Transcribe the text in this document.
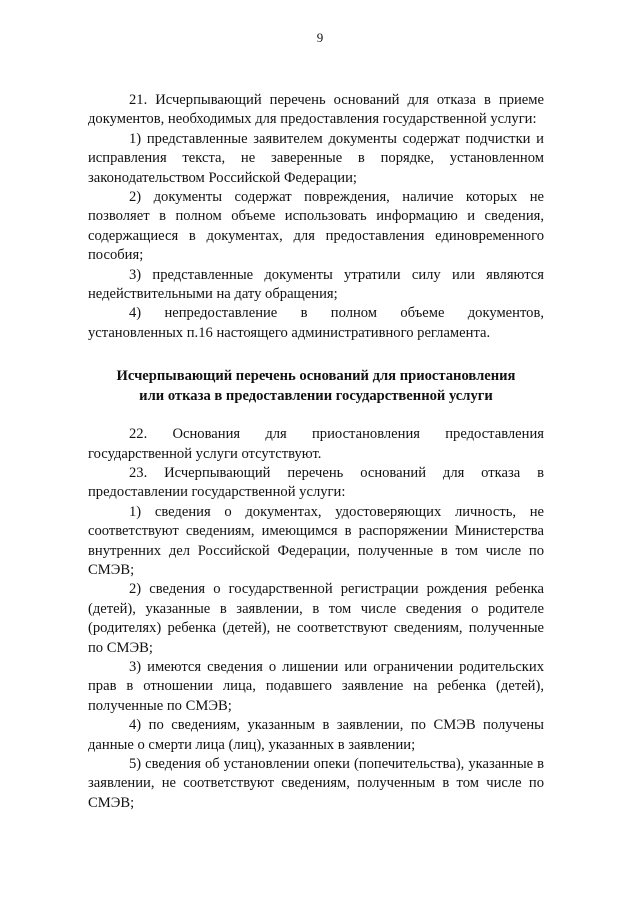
9

21. Исчерпывающий перечень оснований для отказа в приеме документов, необходимых для предоставления государственной услуги:

1) представленные заявителем документы содержат подчистки и исправления текста, не заверенные в порядке, установленном законодательством Российской Федерации;

2) документы содержат повреждения, наличие которых не позволяет в полном объеме использовать информацию и сведения, содержащиеся в документах, для предоставления единовременного пособия;

3) представленные документы утратили силу или являются недействительными на дату обращения;

4) непредоставление в полном объеме документов, установленных п.16 настоящего административного регламента.

Исчерпывающий перечень оснований для приостановления
или отказа в предоставлении государственной услуги

22. Основания для приостановления предоставления государственной услуги отсутствуют.

23. Исчерпывающий перечень оснований для отказа в предоставлении государственной услуги:

1) сведения о документах, удостоверяющих личность, не соответствуют сведениям, имеющимся в распоряжении Министерства внутренних дел Российской Федерации, полученные в том числе по СМЭВ;

2) сведения о государственной регистрации рождения ребенка (детей), указанные в заявлении, в том числе сведения о родителе (родителях) ребенка (детей), не соответствуют сведениям, полученные по СМЭВ;

3) имеются сведения о лишении или ограничении родительских прав в отношении лица, подавшего заявление на ребенка (детей), полученные по СМЭВ;

4) по сведениям, указанным в заявлении, по СМЭВ получены данные о смерти лица (лиц), указанных в заявлении;

5) сведения об установлении опеки (попечительства), указанные в заявлении, не соответствуют сведениям, полученным в том числе по СМЭВ;
